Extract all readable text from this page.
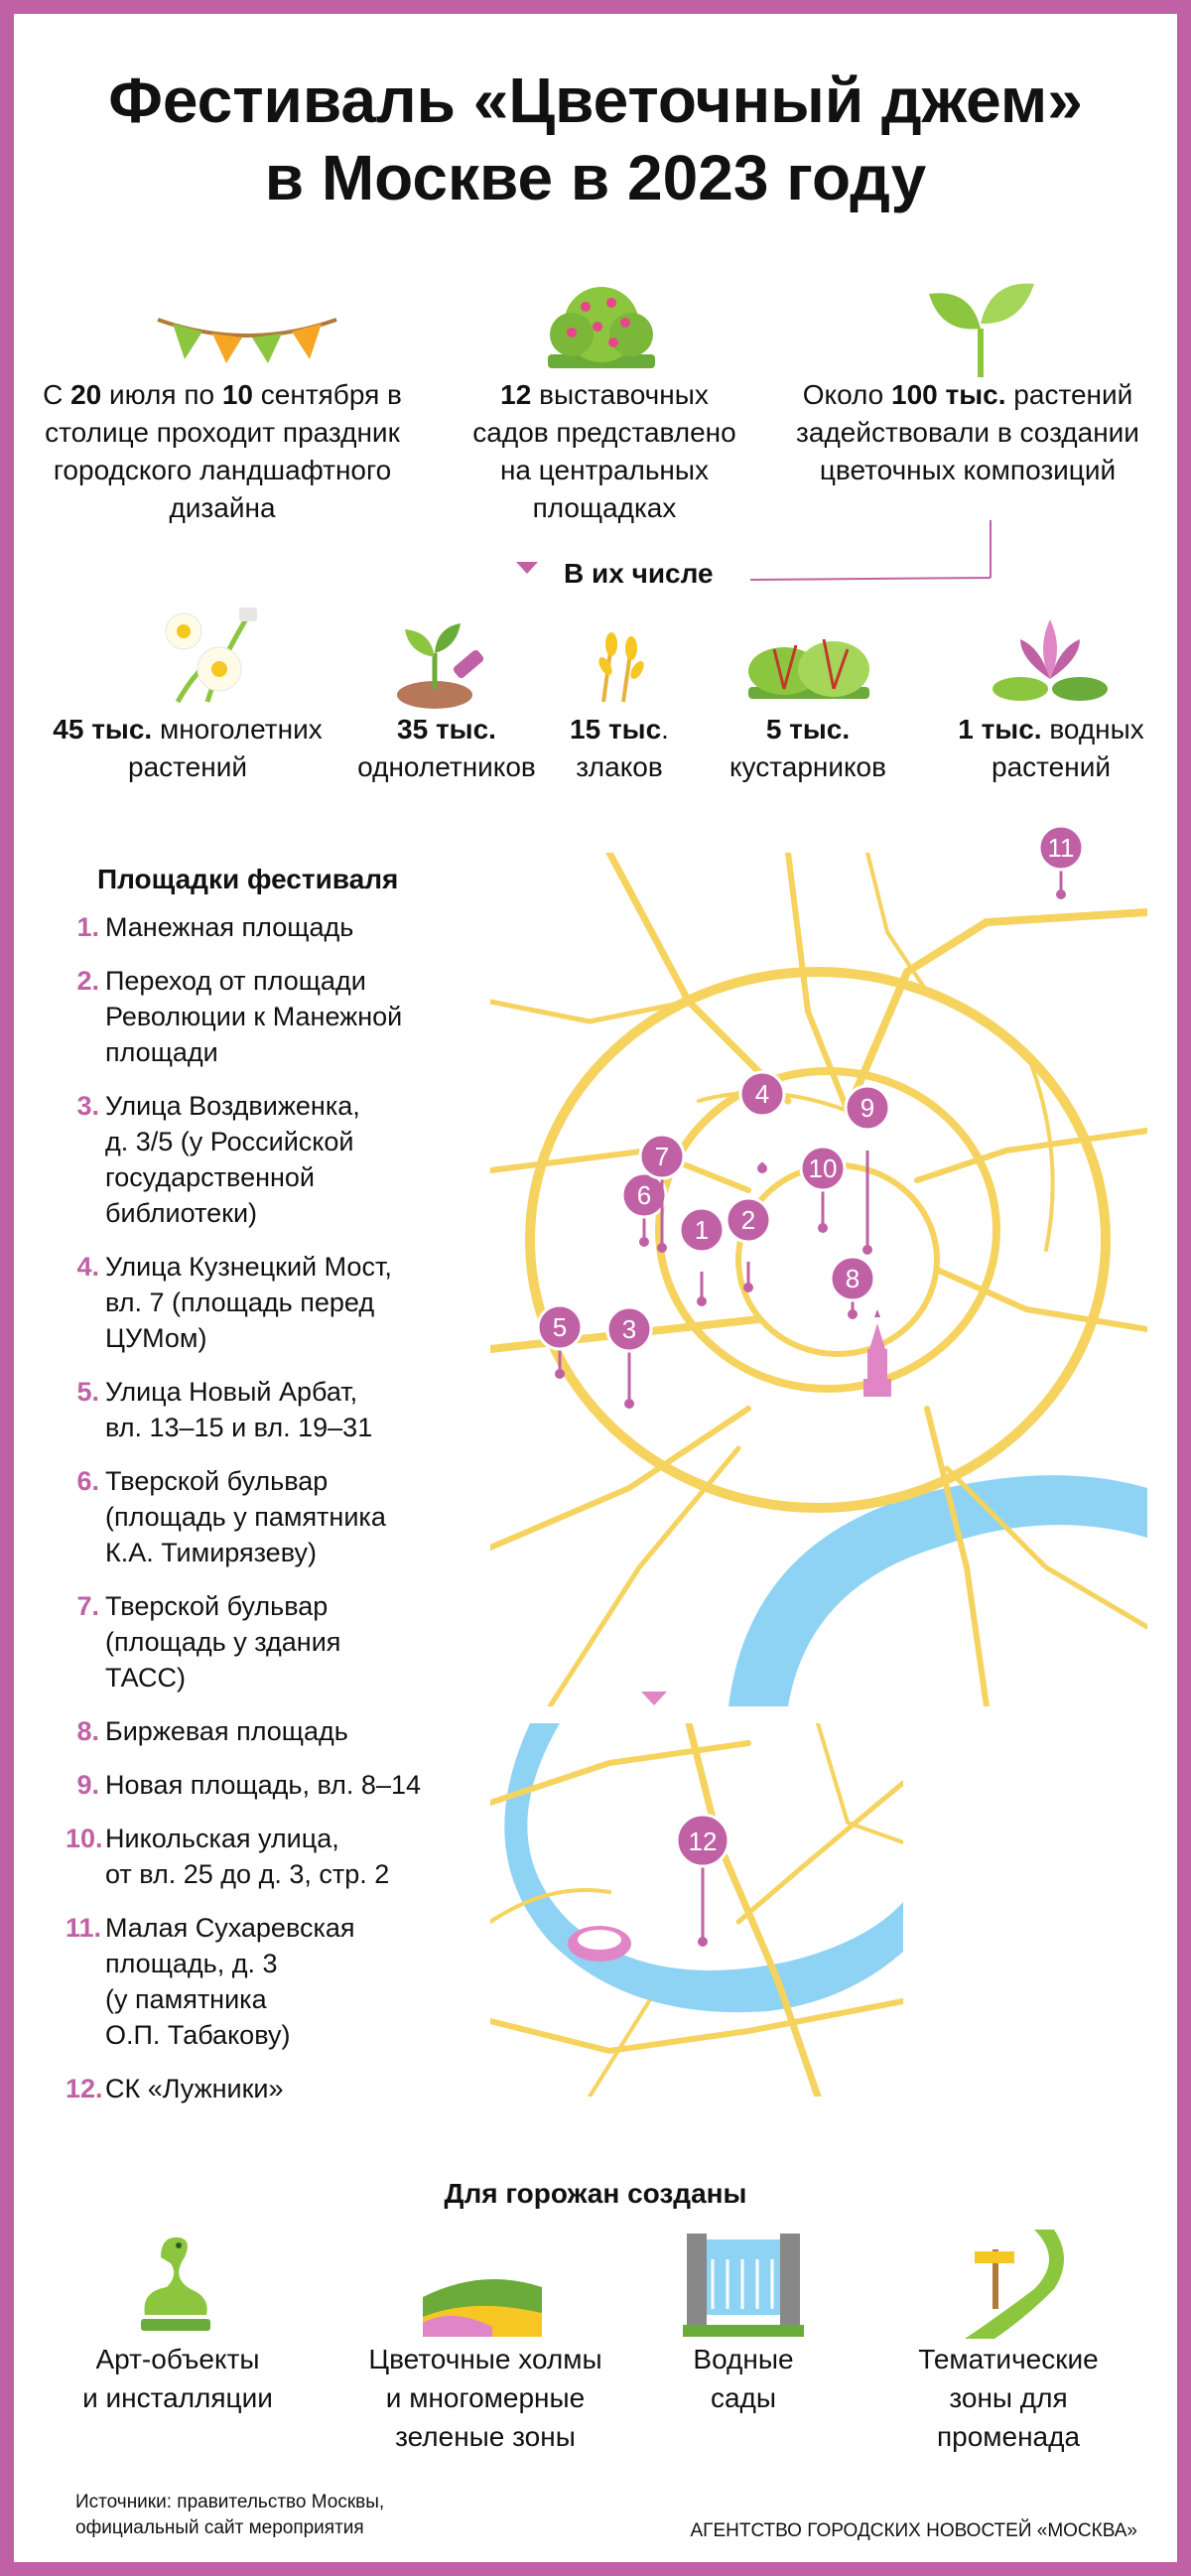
Фестиваль «Цветочный джем»
в Москве в 2023 году
С 20 июля по 10 сентября в столице проходит праздник городского ландшафтного дизайна
12 выставочных садов представлено на центральных площадках
Около 100 тыс. растений задействовали в создании цветочных композиций
В их числе
45 тыс. многолетних растений
35 тыс. однолетников
15 тыс. злаков
5 тыс. кустарников
1 тыс. водных растений
Площадки фестиваля
1. Манежная площадь
2. Переход от площади
Революции к Манежной
площади
3. Улица Воздвиженка,
д. 3/5 (у Российской
государственной
библиотеки)
4. Улица Кузнецкий Мост,
вл. 7 (площадь перед
ЦУМом)
5. Улица Новый Арбат,
вл. 13–15 и вл. 19–31
6. Тверской бульвар
(площадь у памятника
К.А. Тимирязеву)
7. Тверской бульвар
(площадь у здания
ТАСС)
8. Биржевая площадь
9. Новая площадь, вл. 8–14
10. Никольская улица,
от вл. 25 до д. 3, стр. 2
11. Малая Сухаревская
площадь, д. 3
(у памятника
О.П. Табакову)
12. СК «Лужники»
1 2
3
4
5
6
7
8
9
10
11
12
Для горожан созданы
Арт-объекты
и инсталляции
Цветочные холмы
и многомерные
зеленые зоны
Водные
сады
Тематические
зоны для
променада
Источники: правительство Москвы,
официальный сайт мероприятия	АГЕНТСТВО ГОРОДСКИХ НОВОСТЕЙ «МОСКВА»
